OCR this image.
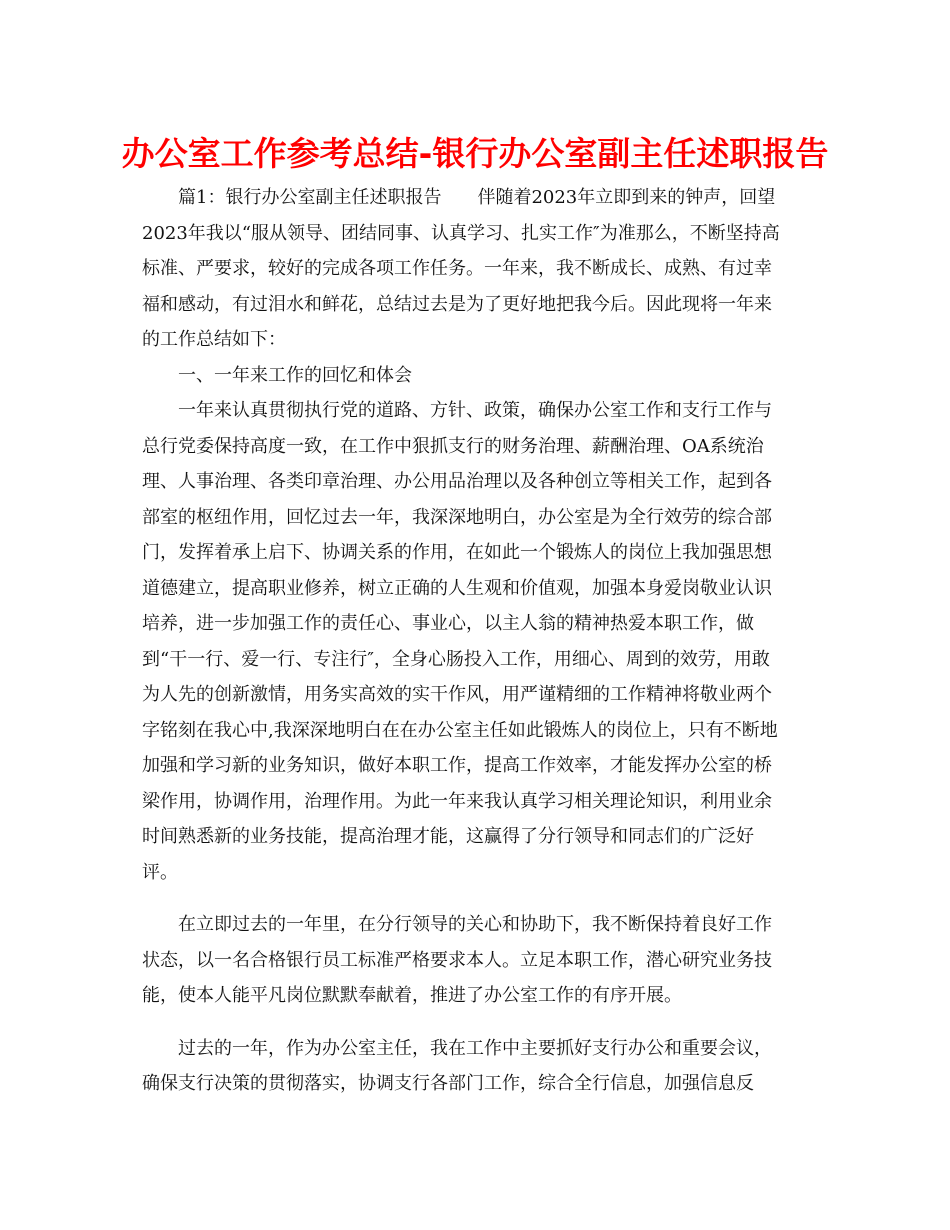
办公室工作参考总结-银行办公室副主任述职报告
篇1：银行办公室副主任述职报告　　伴随着2023年立即到来的钟声，回望
2023年我以“服从领导、团结同事、认真学习、扎实工作″为准那么，不断坚持高
标准、严要求，较好的完成各项工作任务。一年来，我不断成长、成熟、有过幸
福和感动，有过泪水和鲜花，总结过去是为了更好地把我今后。因此现将一年来
的工作总结如下：
一、一年来工作的回忆和体会
一年来认真贯彻执行党的道路、方针、政策，确保办公室工作和支行工作与
总行党委保持高度一致，在工作中狠抓支行的财务治理、薪酬治理、OA系统治
理、人事治理、各类印章治理、办公用品治理以及各种创立等相关工作，起到各
部室的枢纽作用，回忆过去一年，我深深地明白，办公室是为全行效劳的综合部
门，发挥着承上启下、协调关系的作用，在如此一个锻炼人的岗位上我加强思想
道德建立，提高职业修养，树立正确的人生观和价值观，加强本身爱岗敬业认识
培养，进一步加强工作的责任心、事业心，以主人翁的精神热爱本职工作，做
到“干一行、爱一行、专注行″，全身心肠投入工作，用细心、周到的效劳，用敢
为人先的创新激情，用务实高效的实干作风，用严谨精细的工作精神将敬业两个
字铭刻在我心中,我深深地明白在在办公室主任如此锻炼人的岗位上，只有不断地
加强和学习新的业务知识，做好本职工作，提高工作效率，才能发挥办公室的桥
梁作用，协调作用，治理作用。为此一年来我认真学习相关理论知识，利用业余
时间熟悉新的业务技能，提高治理才能，这赢得了分行领导和同志们的广泛好
评。
在立即过去的一年里，在分行领导的关心和协助下，我不断保持着良好工作
状态，以一名合格银行员工标准严格要求本人。立足本职工作，潜心研究业务技
能，使本人能平凡岗位默默奉献着，推进了办公室工作的有序开展。
过去的一年，作为办公室主任，我在工作中主要抓好支行办公和重要会议，
确保支行决策的贯彻落实，协调支行各部门工作，综合全行信息，加强信息反
